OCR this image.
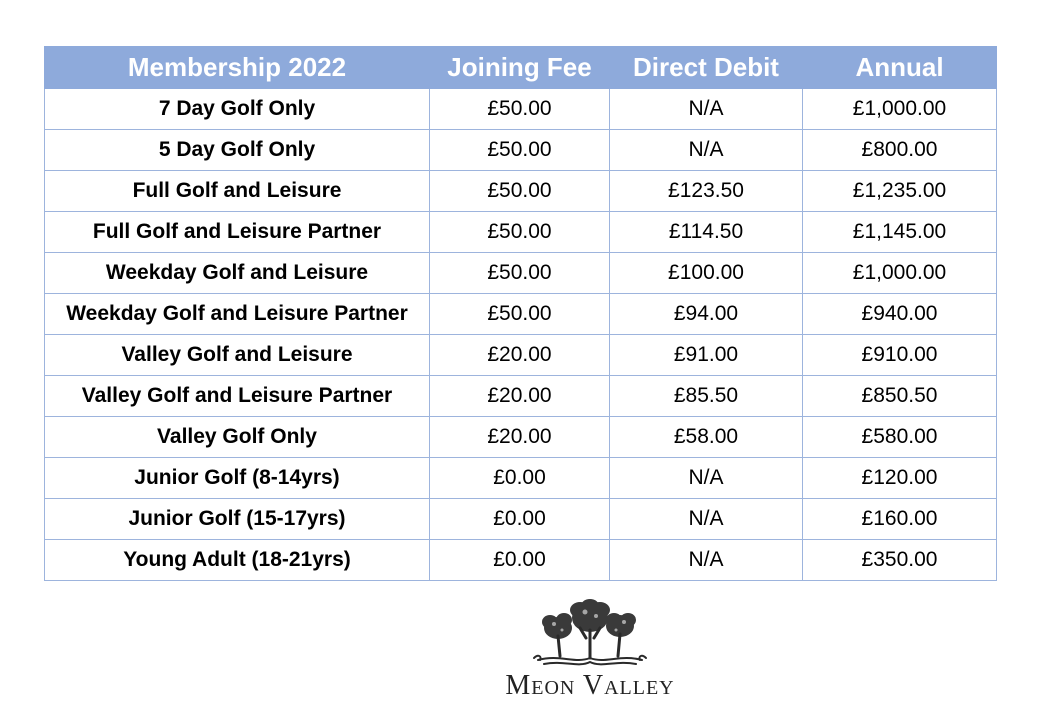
Membership 2022	Joining Fee	Direct Debit	Annual
7 Day Golf Only	£50.00	N/A	£1,000.00
5 Day Golf Only	£50.00	N/A	£800.00
Full Golf and Leisure	£50.00	£123.50	£1,235.00
Full Golf and Leisure Partner	£50.00	£114.50	£1,145.00
Weekday Golf and Leisure	£50.00	£100.00	£1,000.00
Weekday Golf and Leisure Partner	£50.00	£94.00	£940.00
Valley Golf and Leisure	£20.00	£91.00	£910.00
Valley Golf and Leisure Partner	£20.00	£85.50	£850.50
Valley Golf Only	£20.00	£58.00	£580.00
Junior Golf (8-14yrs)	£0.00	N/A	£120.00
Junior Golf (15-17yrs)	£0.00	N/A	£160.00
Young Adult (18-21yrs)	£0.00	N/A	£350.00
Meon Valley
